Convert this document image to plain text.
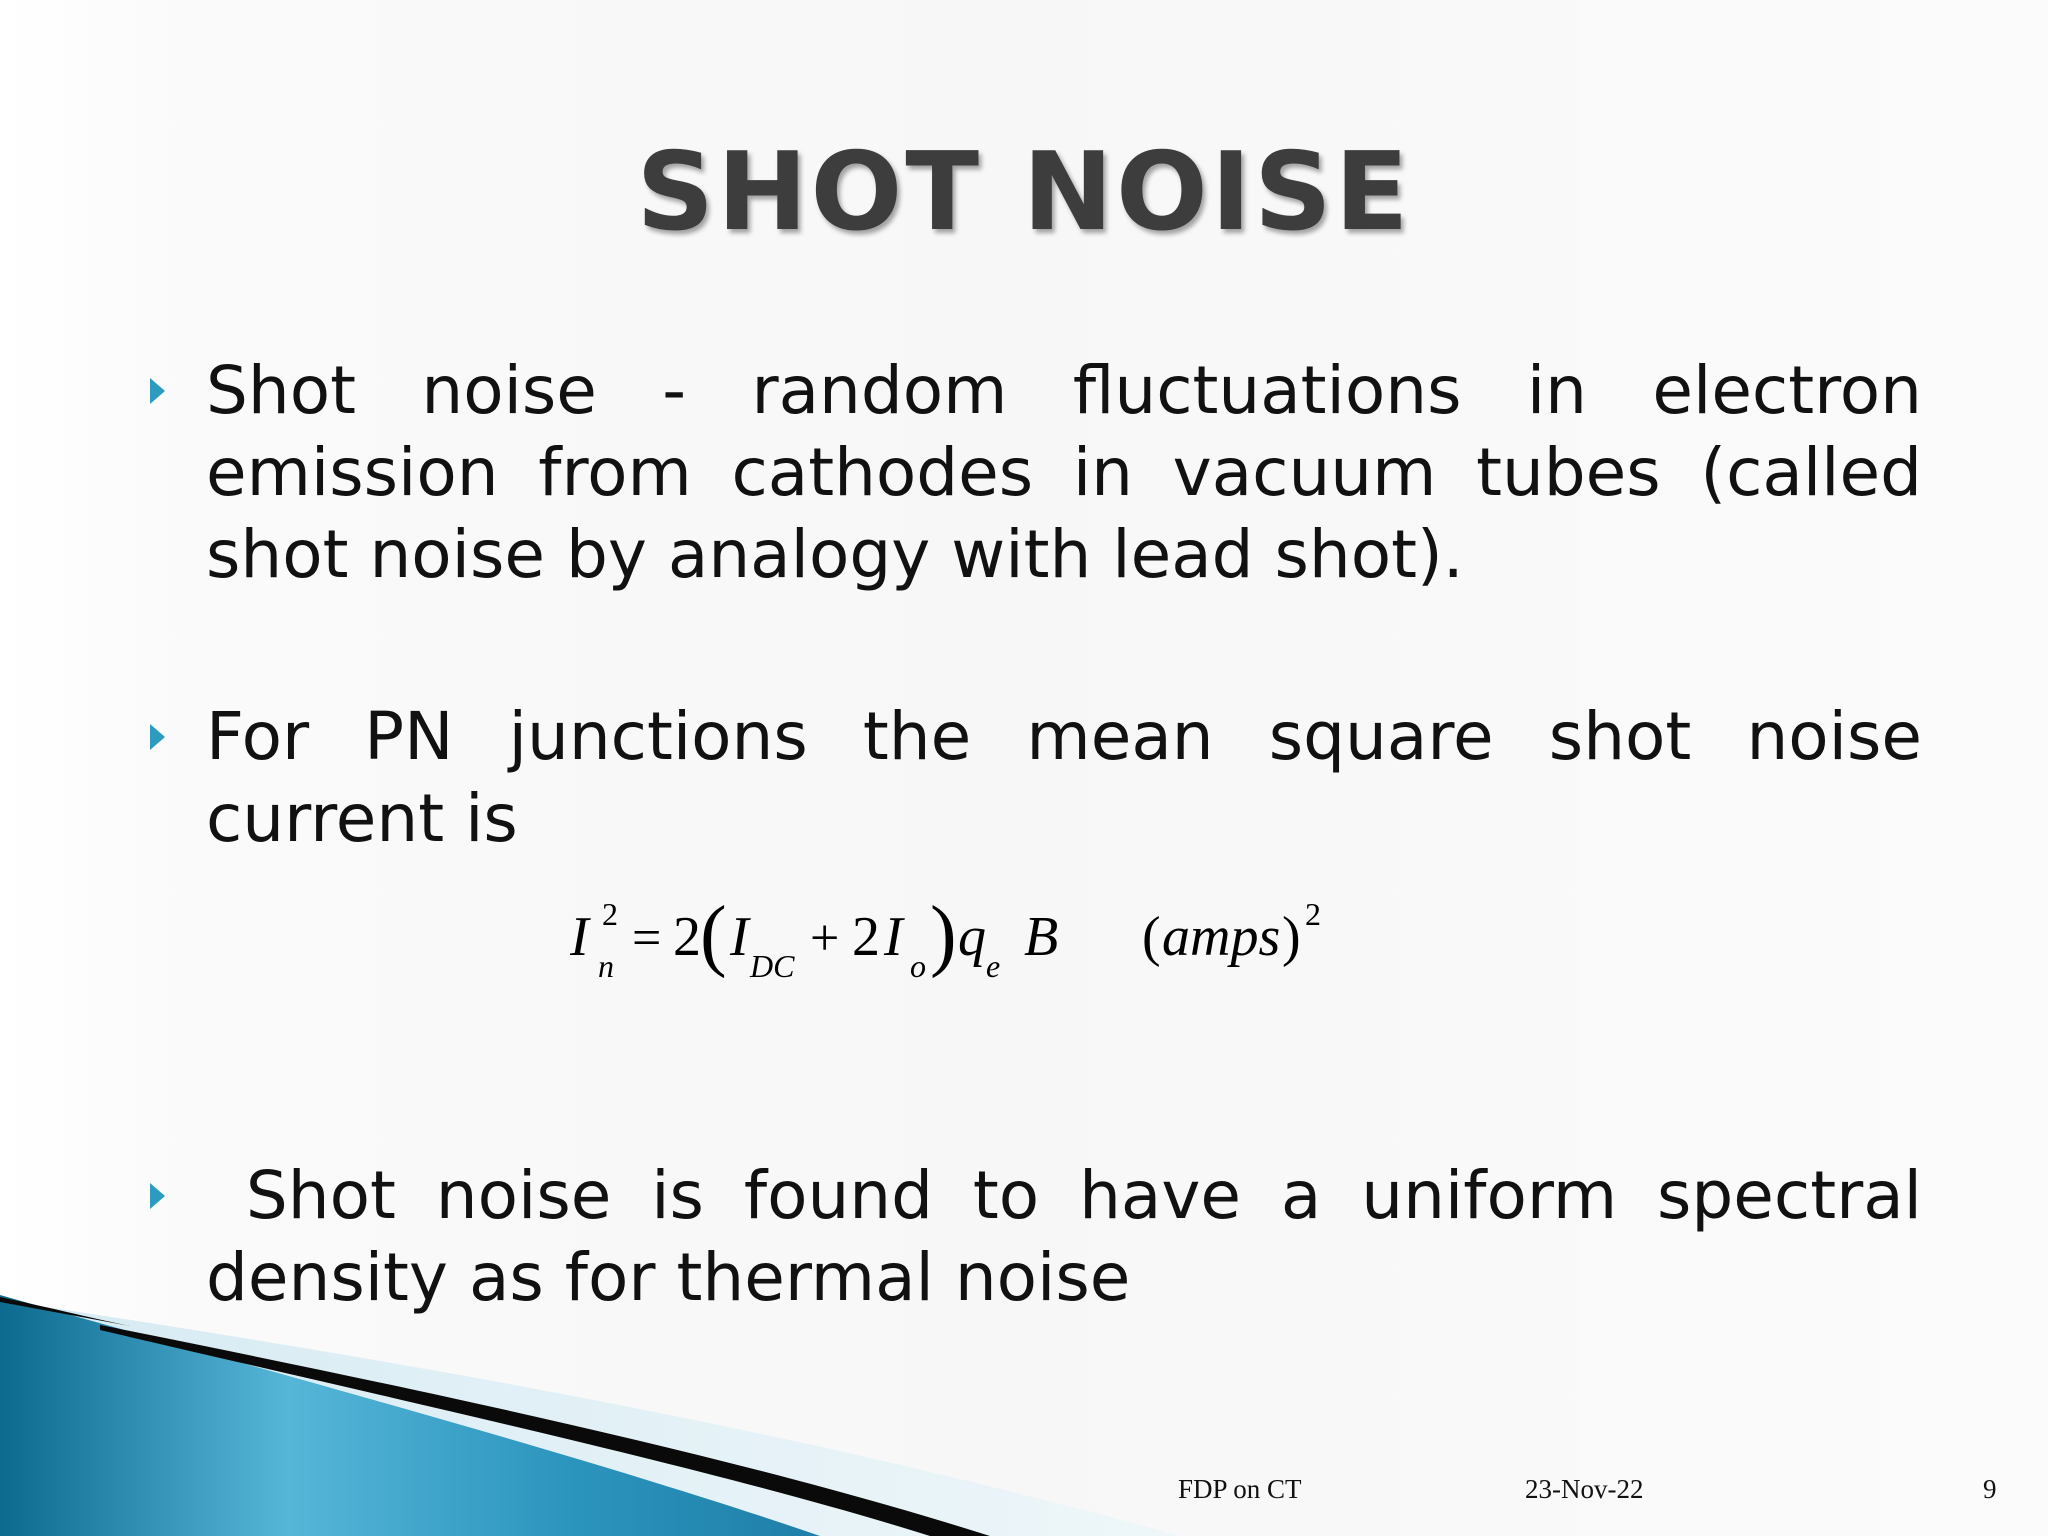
SHOT NOISE

Shot noise - random fluctuations in electron emission from cathodes in vacuum tubes (called shot noise by analogy with lead shot).

For PN junctions the mean square shot noise current is

I 2
n = 2 ( I DC + 2 I o ) q e B ( amps ) 2

Shot noise is found to have a uniform spectral density as for thermal noise

FDP on CT	23-Nov-22	9
